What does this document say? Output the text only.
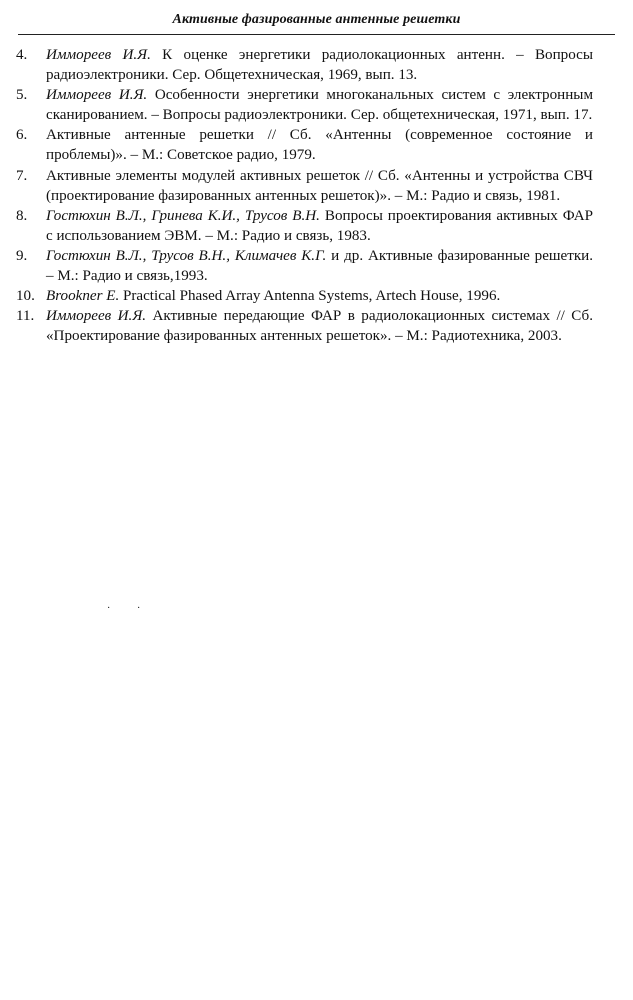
Активные фазированные антенные решетки
4.	Иммореев И.Я. К оценке энергетики радиолокационных антенн. – Вопросы радиоэлектроники. Сер. Общетехническая, 1969, вып. 13.
5.	Иммореев И.Я. Особенности энергетики многоканальных систем с электронным сканированием. – Вопросы радиоэлектроники. Сер. общетехническая, 1971, вып. 17.
6.	Активные антенные решетки // Сб. «Антенны (современное состояние и проблемы)». – М.: Советское радио, 1979.
7.	Активные элементы модулей активных решеток // Сб. «Антенны и устройства СВЧ (проектирование фазированных антенных решеток)». – М.: Радио и связь, 1981.
8.	Гостюхин В.Л., Гринева К.И., Трусов В.Н. Вопросы проектирования активных ФАР с использованием ЭВМ. – М.: Радио и связь, 1983.
9.	Гостюхин В.Л., Трусов В.Н., Климачев К.Г. и др. Активные фазированные решетки. – М.: Радио и связь,1993.
10. Brookner E. Practical Phased Array Antenna Systems, Artech House, 1996.
11. Иммореев И.Я. Активные передающие ФАР в радиолокационных системах // Сб. «Проектирование фазированных антенных решеток». – М.: Радиотехника, 2003.
·	·
